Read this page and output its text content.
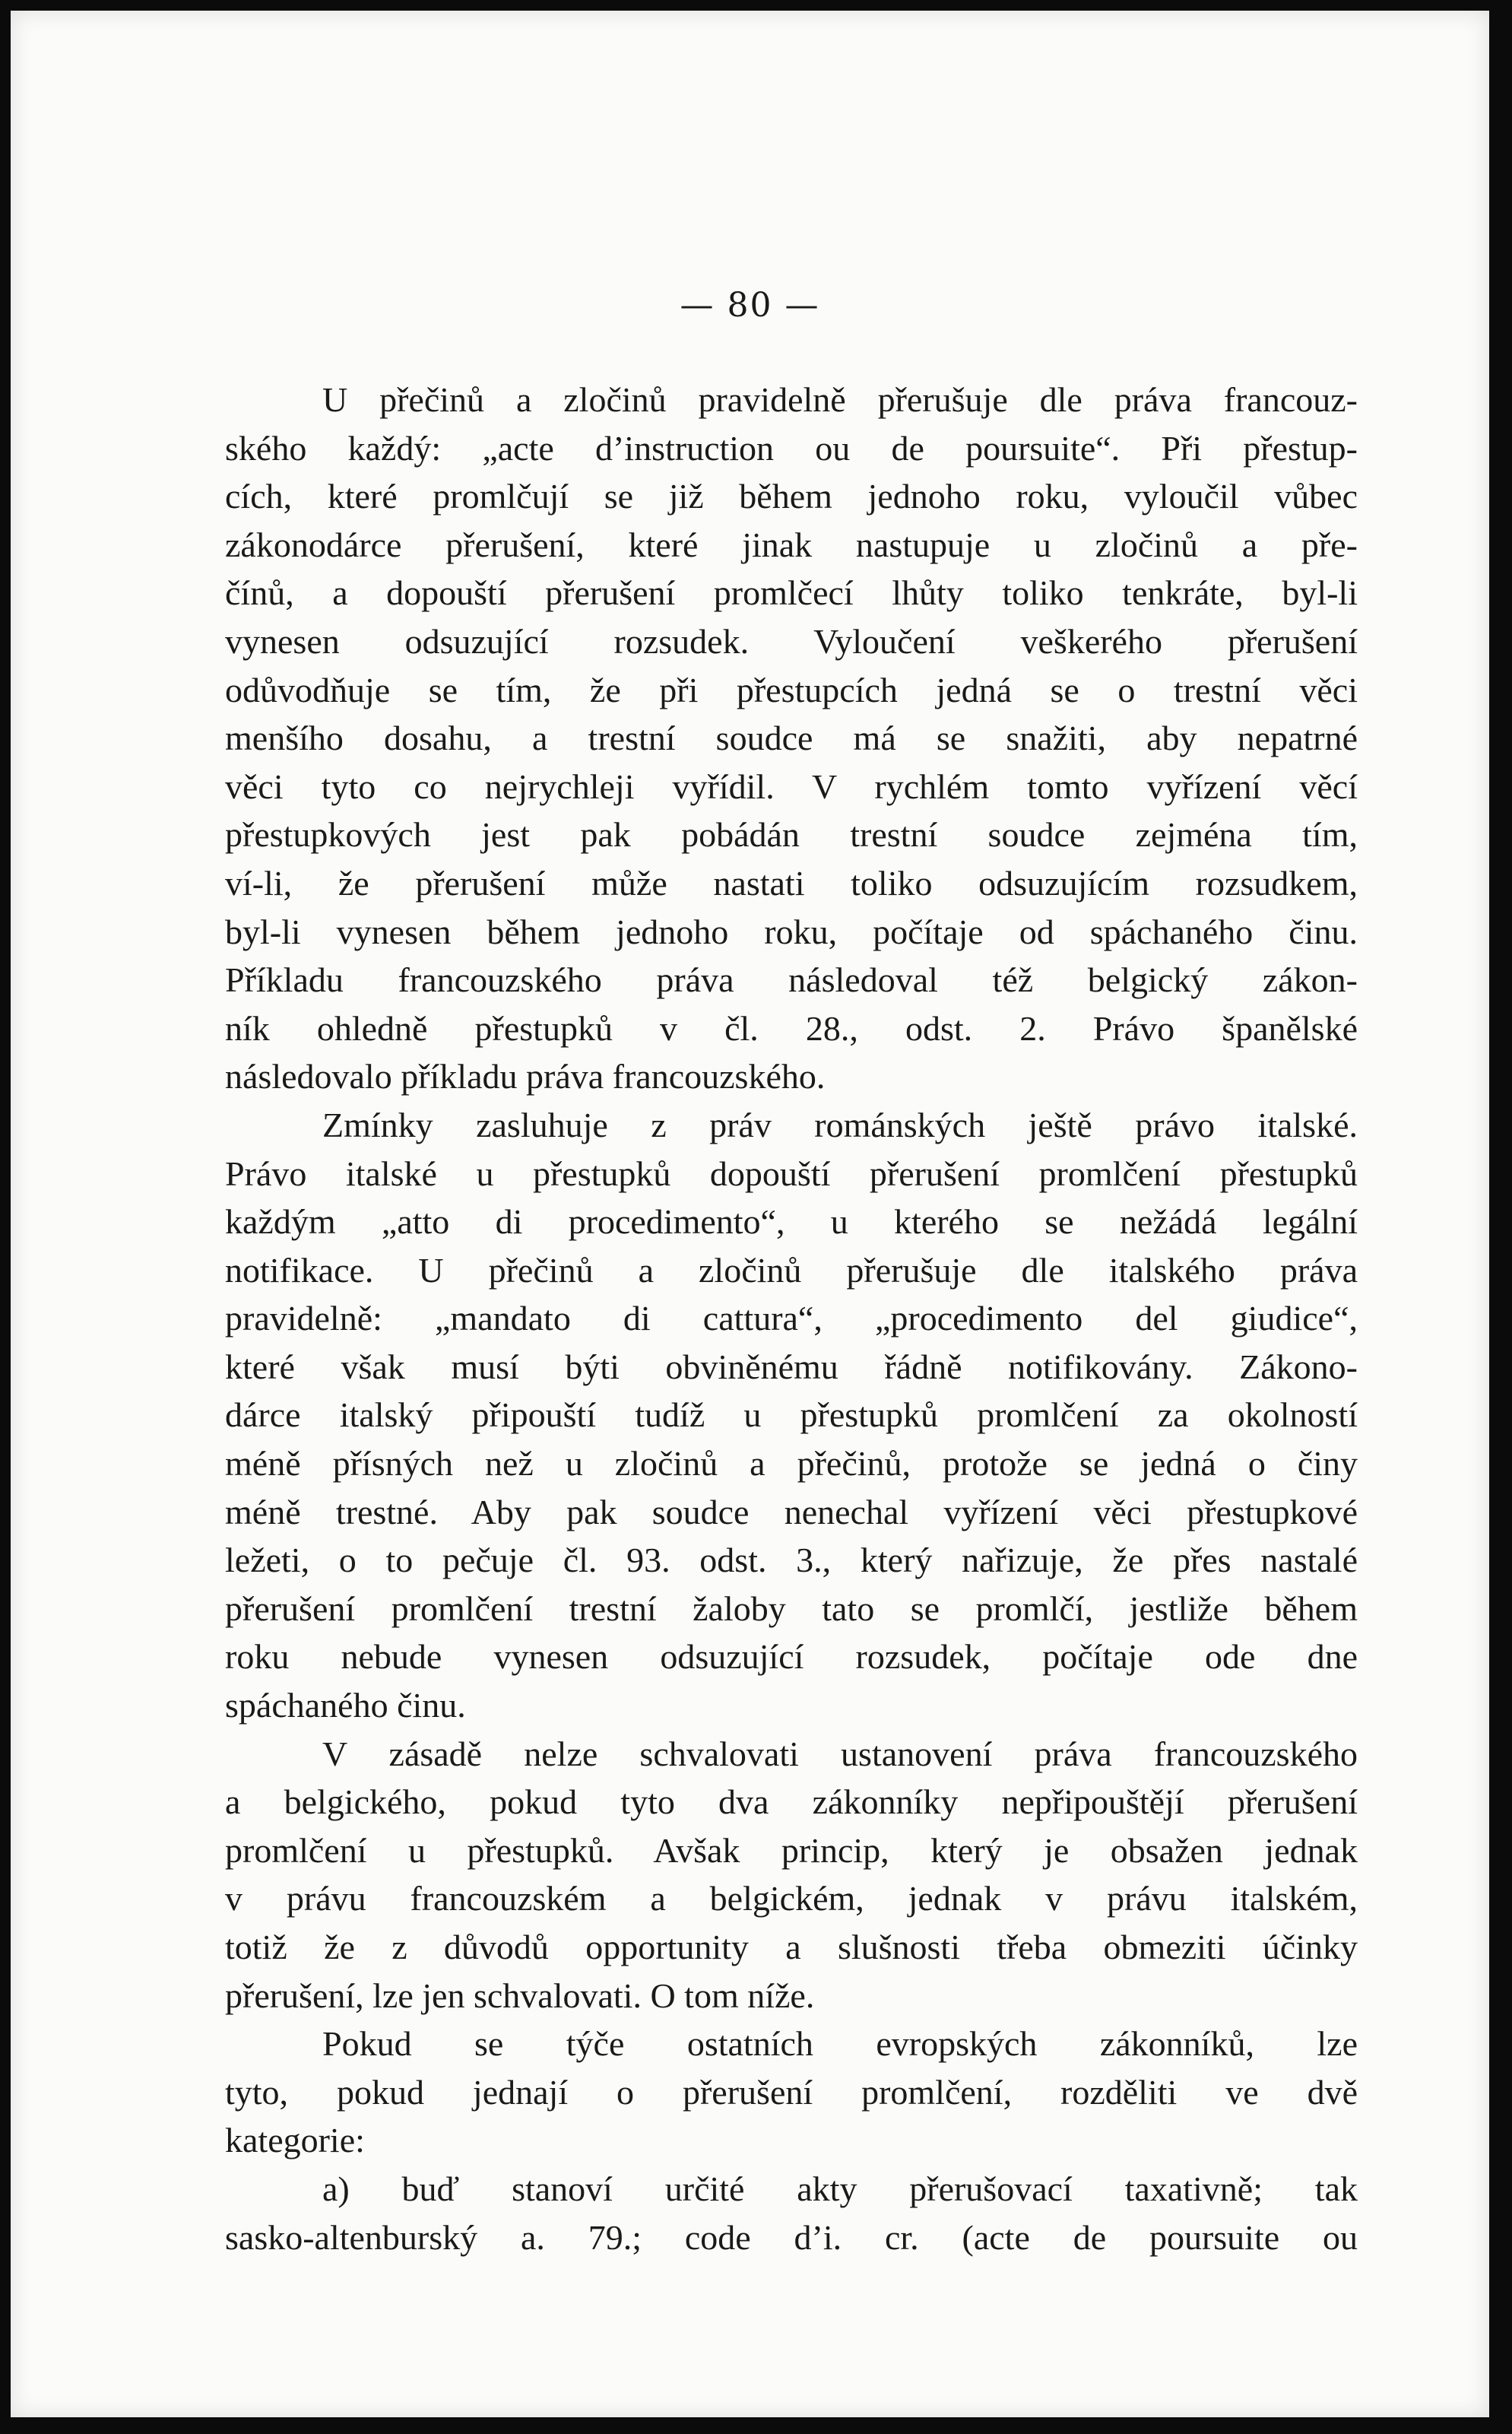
— 80 —
U přečinů a zločinů pravidelně přerušuje dle práva francouz-
ského každý: „acte d’instruction ou de poursuite“. Při přestup-
cích, které promlčují se již během jednoho roku, vyloučil vůbec
zákonodárce přerušení, které jinak nastupuje u zločinů a pře-
čínů, a dopouští přerušení promlčecí lhůty toliko tenkráte, byl-li
vynesen odsuzující rozsudek. Vyloučení veškerého přerušení
odůvodňuje se tím, že při přestupcích jedná se o trestní věci
menšího dosahu, a trestní soudce má se snažiti, aby nepatrné
věci tyto co nejrychleji vyřídil. V rychlém tomto vyřízení věcí
přestupkových jest pak pobádán trestní soudce zejména tím,
ví-li, že přerušení může nastati toliko odsuzujícím rozsudkem,
byl-li vynesen během jednoho roku, počítaje od spáchaného činu.
Příkladu francouzského práva následoval též belgický zákon-
ník ohledně přestupků v čl. 28., odst. 2. Právo španělské
následovalo příkladu práva francouzského.
Zmínky zasluhuje z práv románských ještě právo italské.
Právo italské u přestupků dopouští přerušení promlčení přestupků
každým „atto di procedimento“, u kterého se nežádá legální
notifikace. U přečinů a zločinů přerušuje dle italského práva
pravidelně: „mandato di cattura“, „procedimento del giudice“,
které však musí býti obviněnému řádně notifikovány. Zákono-
dárce italský připouští tudíž u přestupků promlčení za okolností
méně přísných než u zločinů a přečinů, protože se jedná o činy
méně trestné. Aby pak soudce nenechal vyřízení věci přestupkové
ležeti, o to pečuje čl. 93. odst. 3., který nařizuje, že přes nastalé
přerušení promlčení trestní žaloby tato se promlčí, jestliže během
roku nebude vynesen odsuzující rozsudek, počítaje ode dne
spáchaného činu.
V zásadě nelze schvalovati ustanovení práva francouzského
a belgického, pokud tyto dva zákonníky nepřipouštějí přerušení
promlčení u přestupků. Avšak princip, který je obsažen jednak
v právu francouzském a belgickém, jednak v právu italském,
totiž že z důvodů opportunity a slušnosti třeba obmeziti účinky
přerušení, lze jen schvalovati. O tom níže.
Pokud se týče ostatních evropských zákonníků, lze
tyto, pokud jednají o přerušení promlčení, rozděliti ve dvě
kategorie:
a) buď stanoví určité akty přerušovací taxativně; tak
sasko-altenburský a. 79.; code d’i. cr. (acte de poursuite ou
